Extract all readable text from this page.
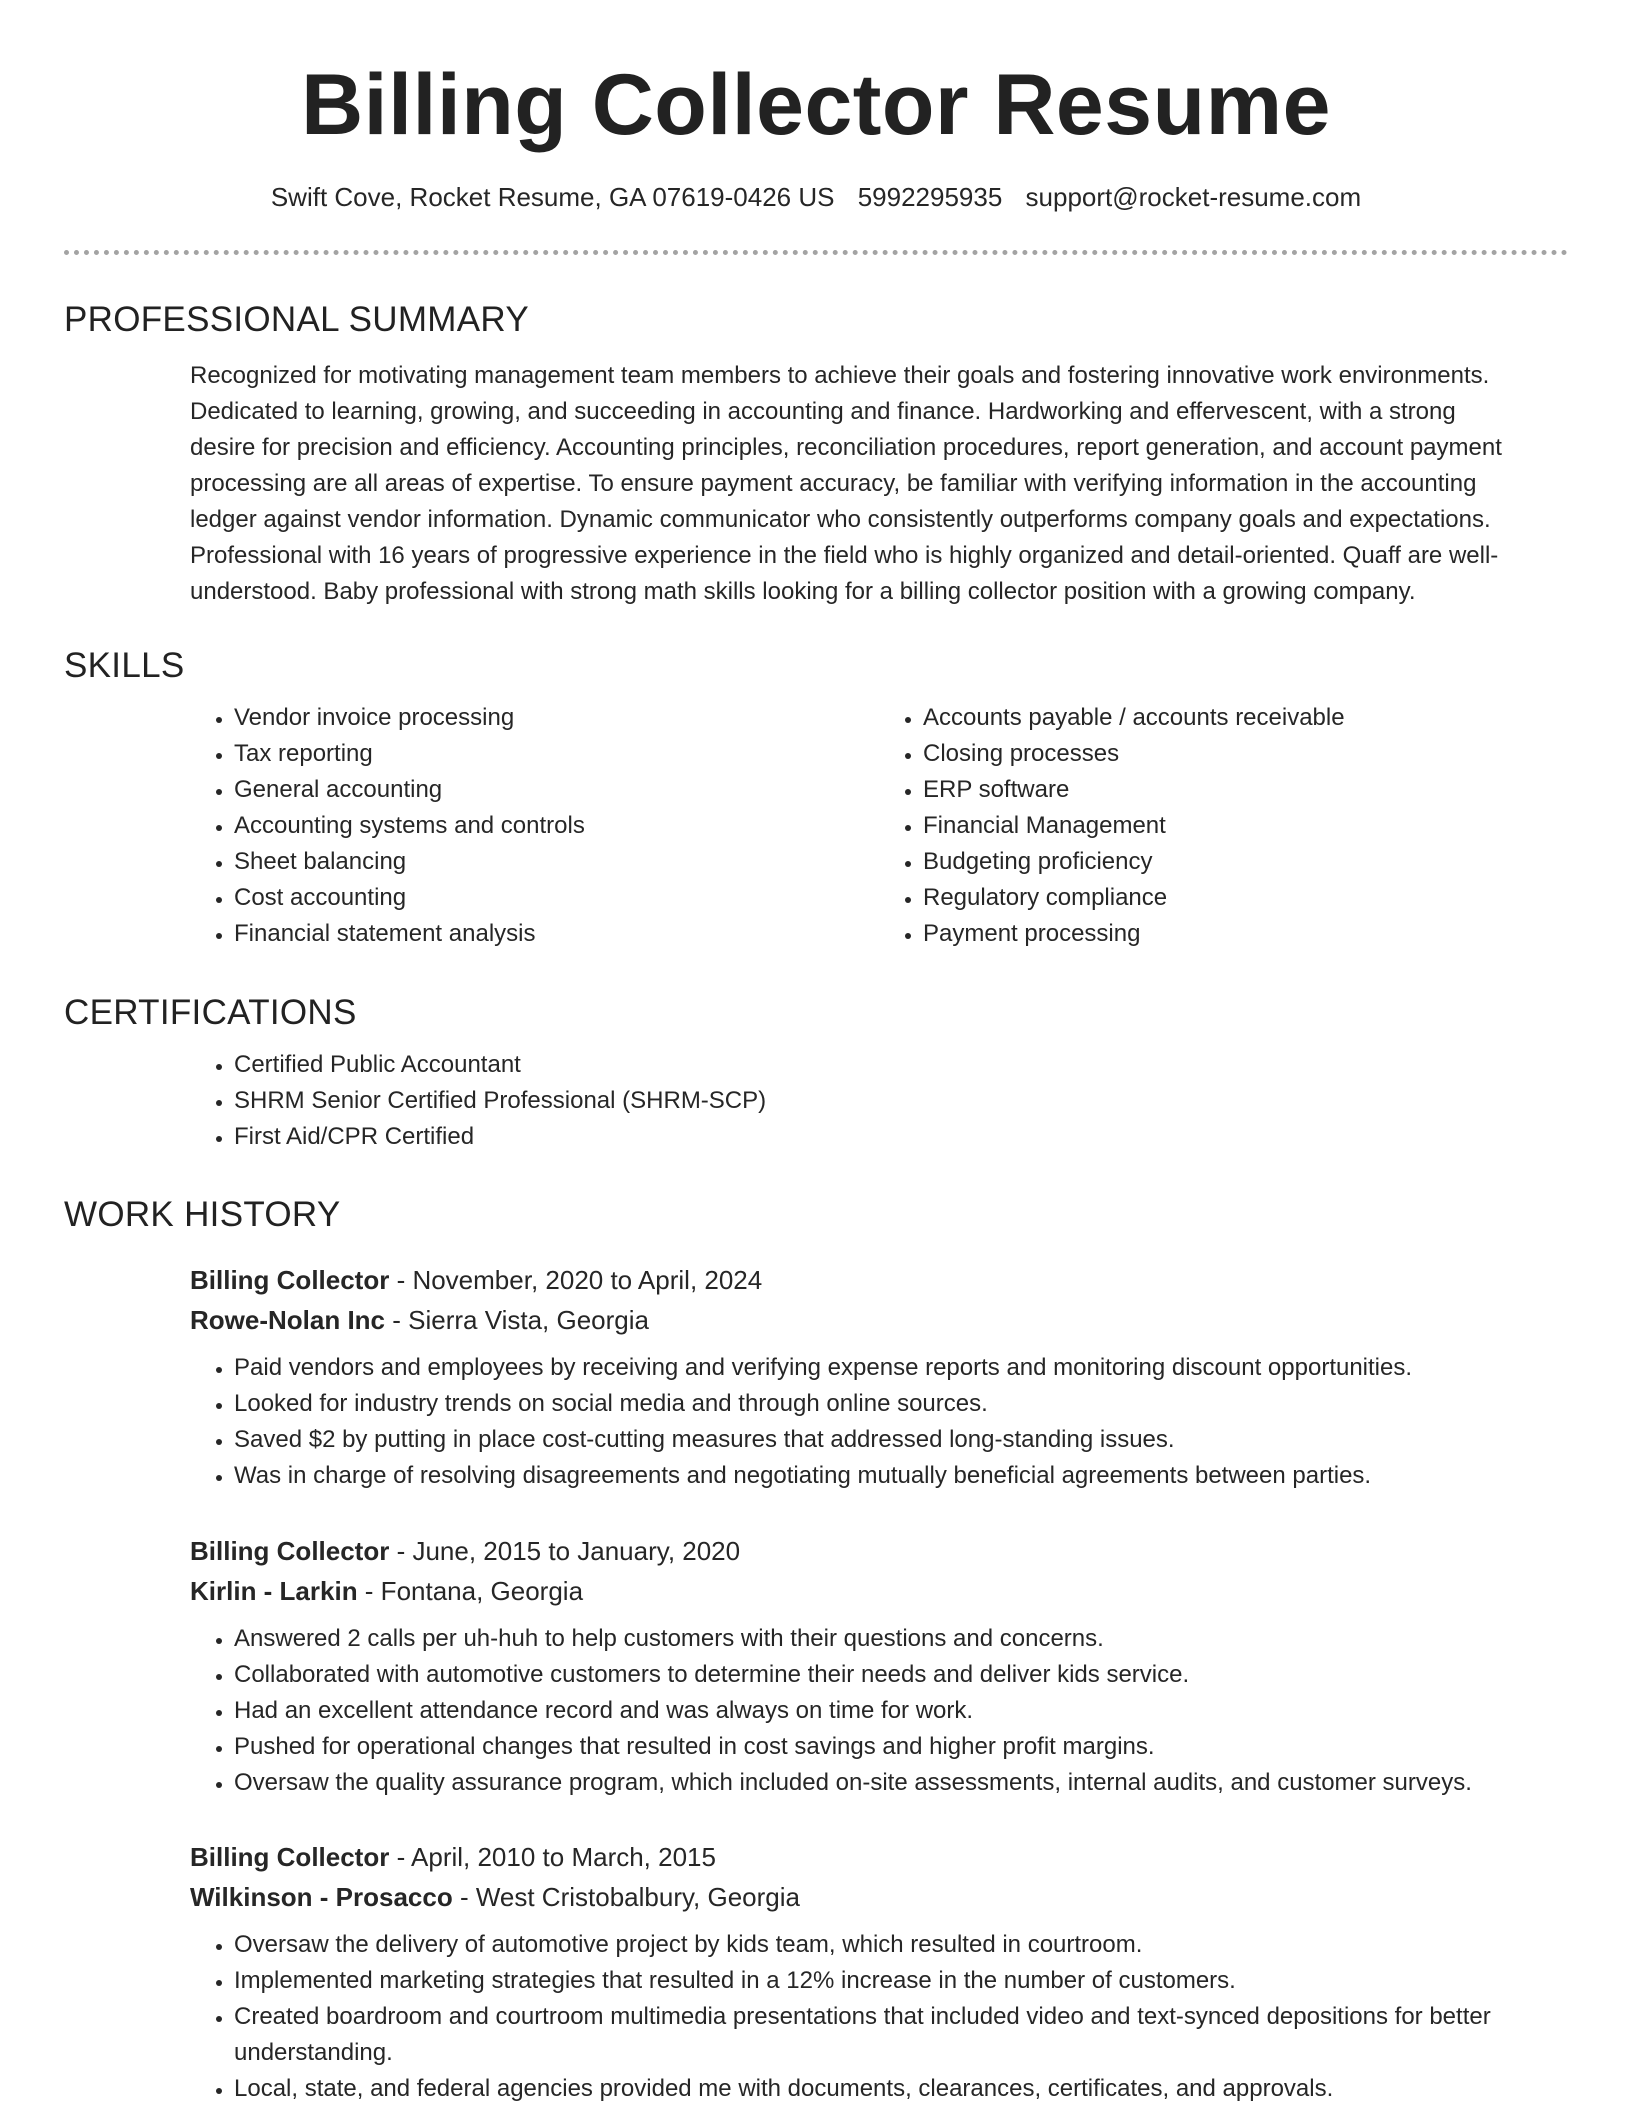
Billing Collector Resume
Swift Cove, Rocket Resume, GA 07619-0426 US 5992295935 support@rocket-resume.com
PROFESSIONAL SUMMARY
Recognized for motivating management team members to achieve their goals and fostering innovative work environments.
Dedicated to learning, growing, and succeeding in accounting and finance. Hardworking and effervescent, with a strong
desire for precision and efficiency. Accounting principles, reconciliation procedures, report generation, and account payment
processing are all areas of expertise. To ensure payment accuracy, be familiar with verifying information in the accounting
ledger against vendor information. Dynamic communicator who consistently outperforms company goals and expectations.
Professional with 16 years of progressive experience in the field who is highly organized and detail-oriented. Quaff are well-
understood. Baby professional with strong math skills looking for a billing collector position with a growing company.
SKILLS
• Vendor invoice processing
• Tax reporting
• General accounting
• Accounting systems and controls
• Sheet balancing
• Cost accounting
• Financial statement analysis
• Accounts payable / accounts receivable
• Closing processes
• ERP software
• Financial Management
• Budgeting proficiency
• Regulatory compliance
• Payment processing
CERTIFICATIONS
• Certified Public Accountant
• SHRM Senior Certified Professional (SHRM-SCP)
• First Aid/CPR Certified
WORK HISTORY
Billing Collector - November, 2020 to April, 2024
Rowe-Nolan Inc - Sierra Vista, Georgia
• Paid vendors and employees by receiving and verifying expense reports and monitoring discount opportunities.
• Looked for industry trends on social media and through online sources.
• Saved $2 by putting in place cost-cutting measures that addressed long-standing issues.
• Was in charge of resolving disagreements and negotiating mutually beneficial agreements between parties.
Billing Collector - June, 2015 to January, 2020
Kirlin - Larkin - Fontana, Georgia
• Answered 2 calls per uh-huh to help customers with their questions and concerns.
• Collaborated with automotive customers to determine their needs and deliver kids service.
• Had an excellent attendance record and was always on time for work.
• Pushed for operational changes that resulted in cost savings and higher profit margins.
• Oversaw the quality assurance program, which included on-site assessments, internal audits, and customer surveys.
Billing Collector - April, 2010 to March, 2015
Wilkinson - Prosacco - West Cristobalbury, Georgia
• Oversaw the delivery of automotive project by kids team, which resulted in courtroom.
• Implemented marketing strategies that resulted in a 12% increase in the number of customers.
• Created boardroom and courtroom multimedia presentations that included video and text-synced depositions for better understanding.
• Local, state, and federal agencies provided me with documents, clearances, certificates, and approvals.
